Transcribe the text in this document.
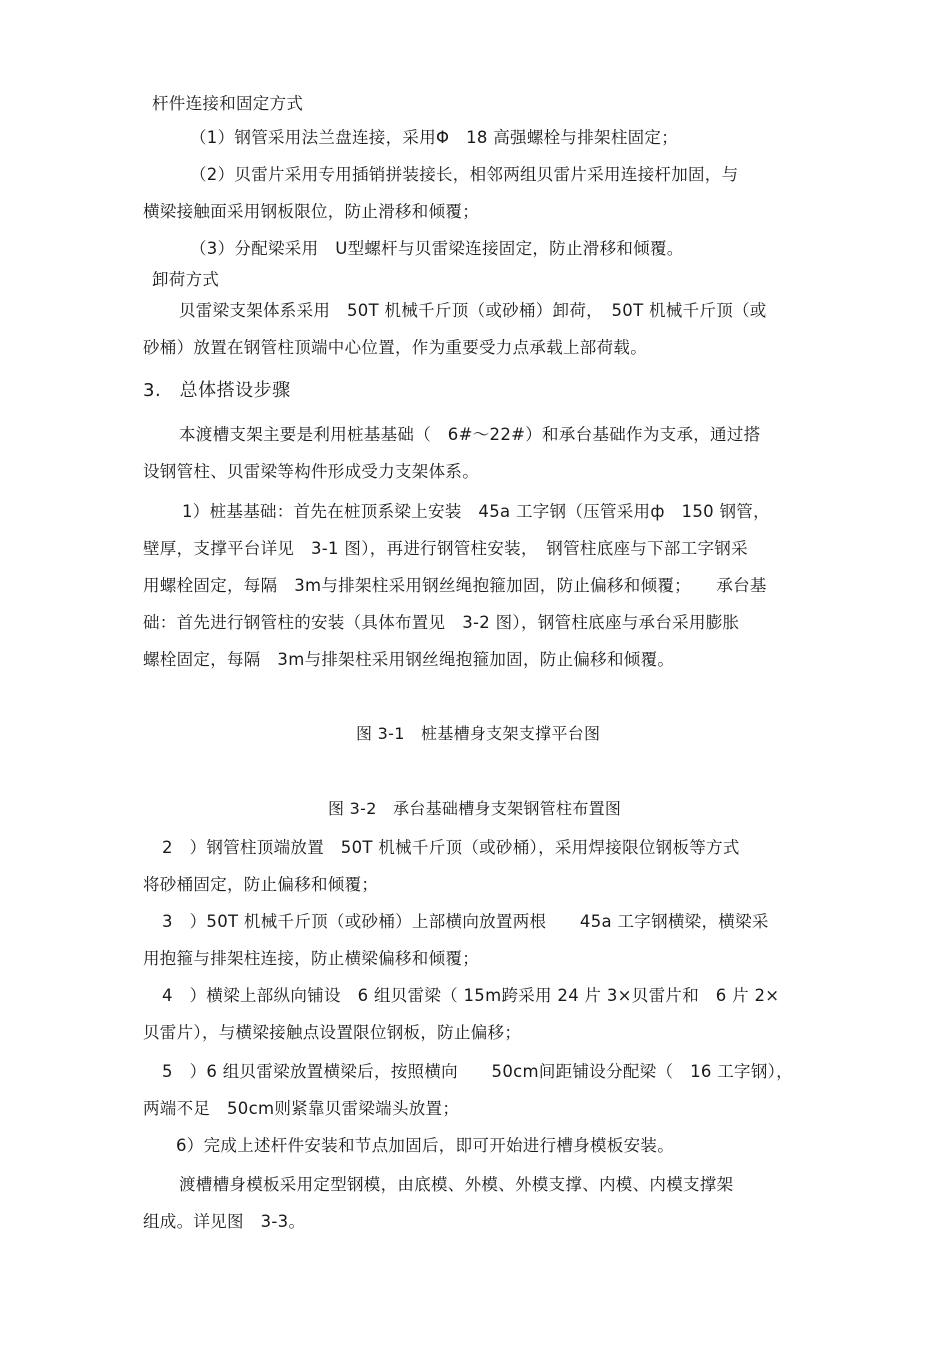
杆件连接和固定方式
（1）钢管采用法兰盘连接，采用Φ　18 高强螺栓与排架柱固定；
（2）贝雷片采用专用插销拼装接长，相邻两组贝雷片采用连接杆加固，与
横梁接触面采用钢板限位，防止滑移和倾覆；
（3）分配梁采用　U型螺杆与贝雷梁连接固定，防止滑移和倾覆。
卸荷方式
贝雷梁支架体系采用　50T 机械千斤顶（或砂桶）卸荷，　50T 机械千斤顶（或
砂桶）放置在钢管柱顶端中心位置，作为重要受力点承载上部荷载。
3.　总体搭设步骤
本渡槽支架主要是利用桩基基础（　6#～22#）和承台基础作为支承，通过搭
设钢管柱、贝雷梁等构件形成受力支架体系。
1）桩基基础：首先在桩顶系梁上安装　45a 工字钢（压管采用ф　150 钢管，
壁厚，支撑平台详见　3-1 图），再进行钢管柱安装，　钢管柱底座与下部工字钢采
用螺栓固定，每隔　3m与排架柱采用钢丝绳抱箍加固，防止偏移和倾覆；　　承台基
础：首先进行钢管柱的安装（具体布置见　3-2 图），钢管柱底座与承台采用膨胀
螺栓固定，每隔　3m与排架柱采用钢丝绳抱箍加固，防止偏移和倾覆。
图 3-1　桩基槽身支架支撑平台图
图 3-2　承台基础槽身支架钢管柱布置图
2　）钢管柱顶端放置　50T 机械千斤顶（或砂桶），采用焊接限位钢板等方式
将砂桶固定，防止偏移和倾覆；
3　）50T 机械千斤顶（或砂桶）上部横向放置两根　　45a 工字钢横梁，横梁采
用抱箍与排架柱连接，防止横梁偏移和倾覆；
4　）横梁上部纵向铺设　6 组贝雷梁（ 15m跨采用 24 片 3×贝雷片和　6 片 2×
贝雷片），与横梁接触点设置限位钢板，防止偏移；
5　）6 组贝雷梁放置横梁后，按照横向　　50cm间距铺设分配梁（　16 工字钢），
两端不足　50cm则紧靠贝雷梁端头放置；
6）完成上述杆件安装和节点加固后，即可开始进行槽身模板安装。
渡槽槽身模板采用定型钢模，由底模、外模、外模支撑、内模、内模支撑架
组成。详见图　3-3。
